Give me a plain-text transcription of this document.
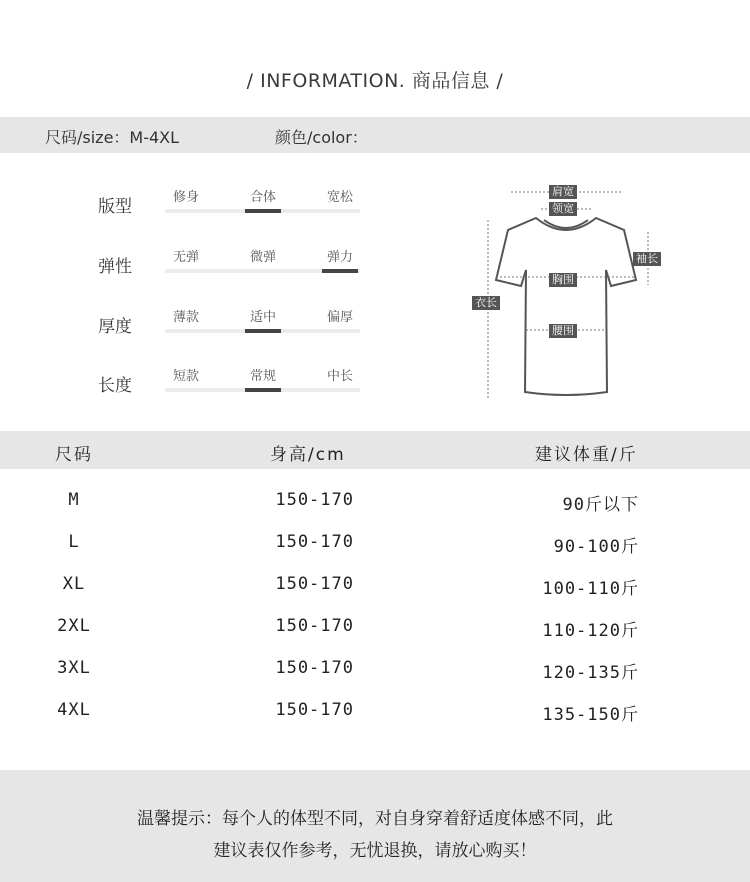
/ INFORMATION. 商品信息 /
尺码/size：M-4XL	颜色/color：
版型	修身	合体	宽松
弹性	无弹	微弹	弹力
厚度	薄款	适中	偏厚
长度	短款	常规	中长
肩宽
领宽
袖长
胸围
衣长
腰围
尺码	身高/cm	建议体重/斤
M	150-170	90斤以下
L	150-170	90-100斤
XL	150-170	100-110斤
2XL	150-170	110-120斤
3XL	150-170	120-135斤
4XL	150-170	135-150斤
温馨提示：每个人的体型不同，对自身穿着舒适度体感不同，此
建议表仅作参考，无忧退换，请放心购买！
